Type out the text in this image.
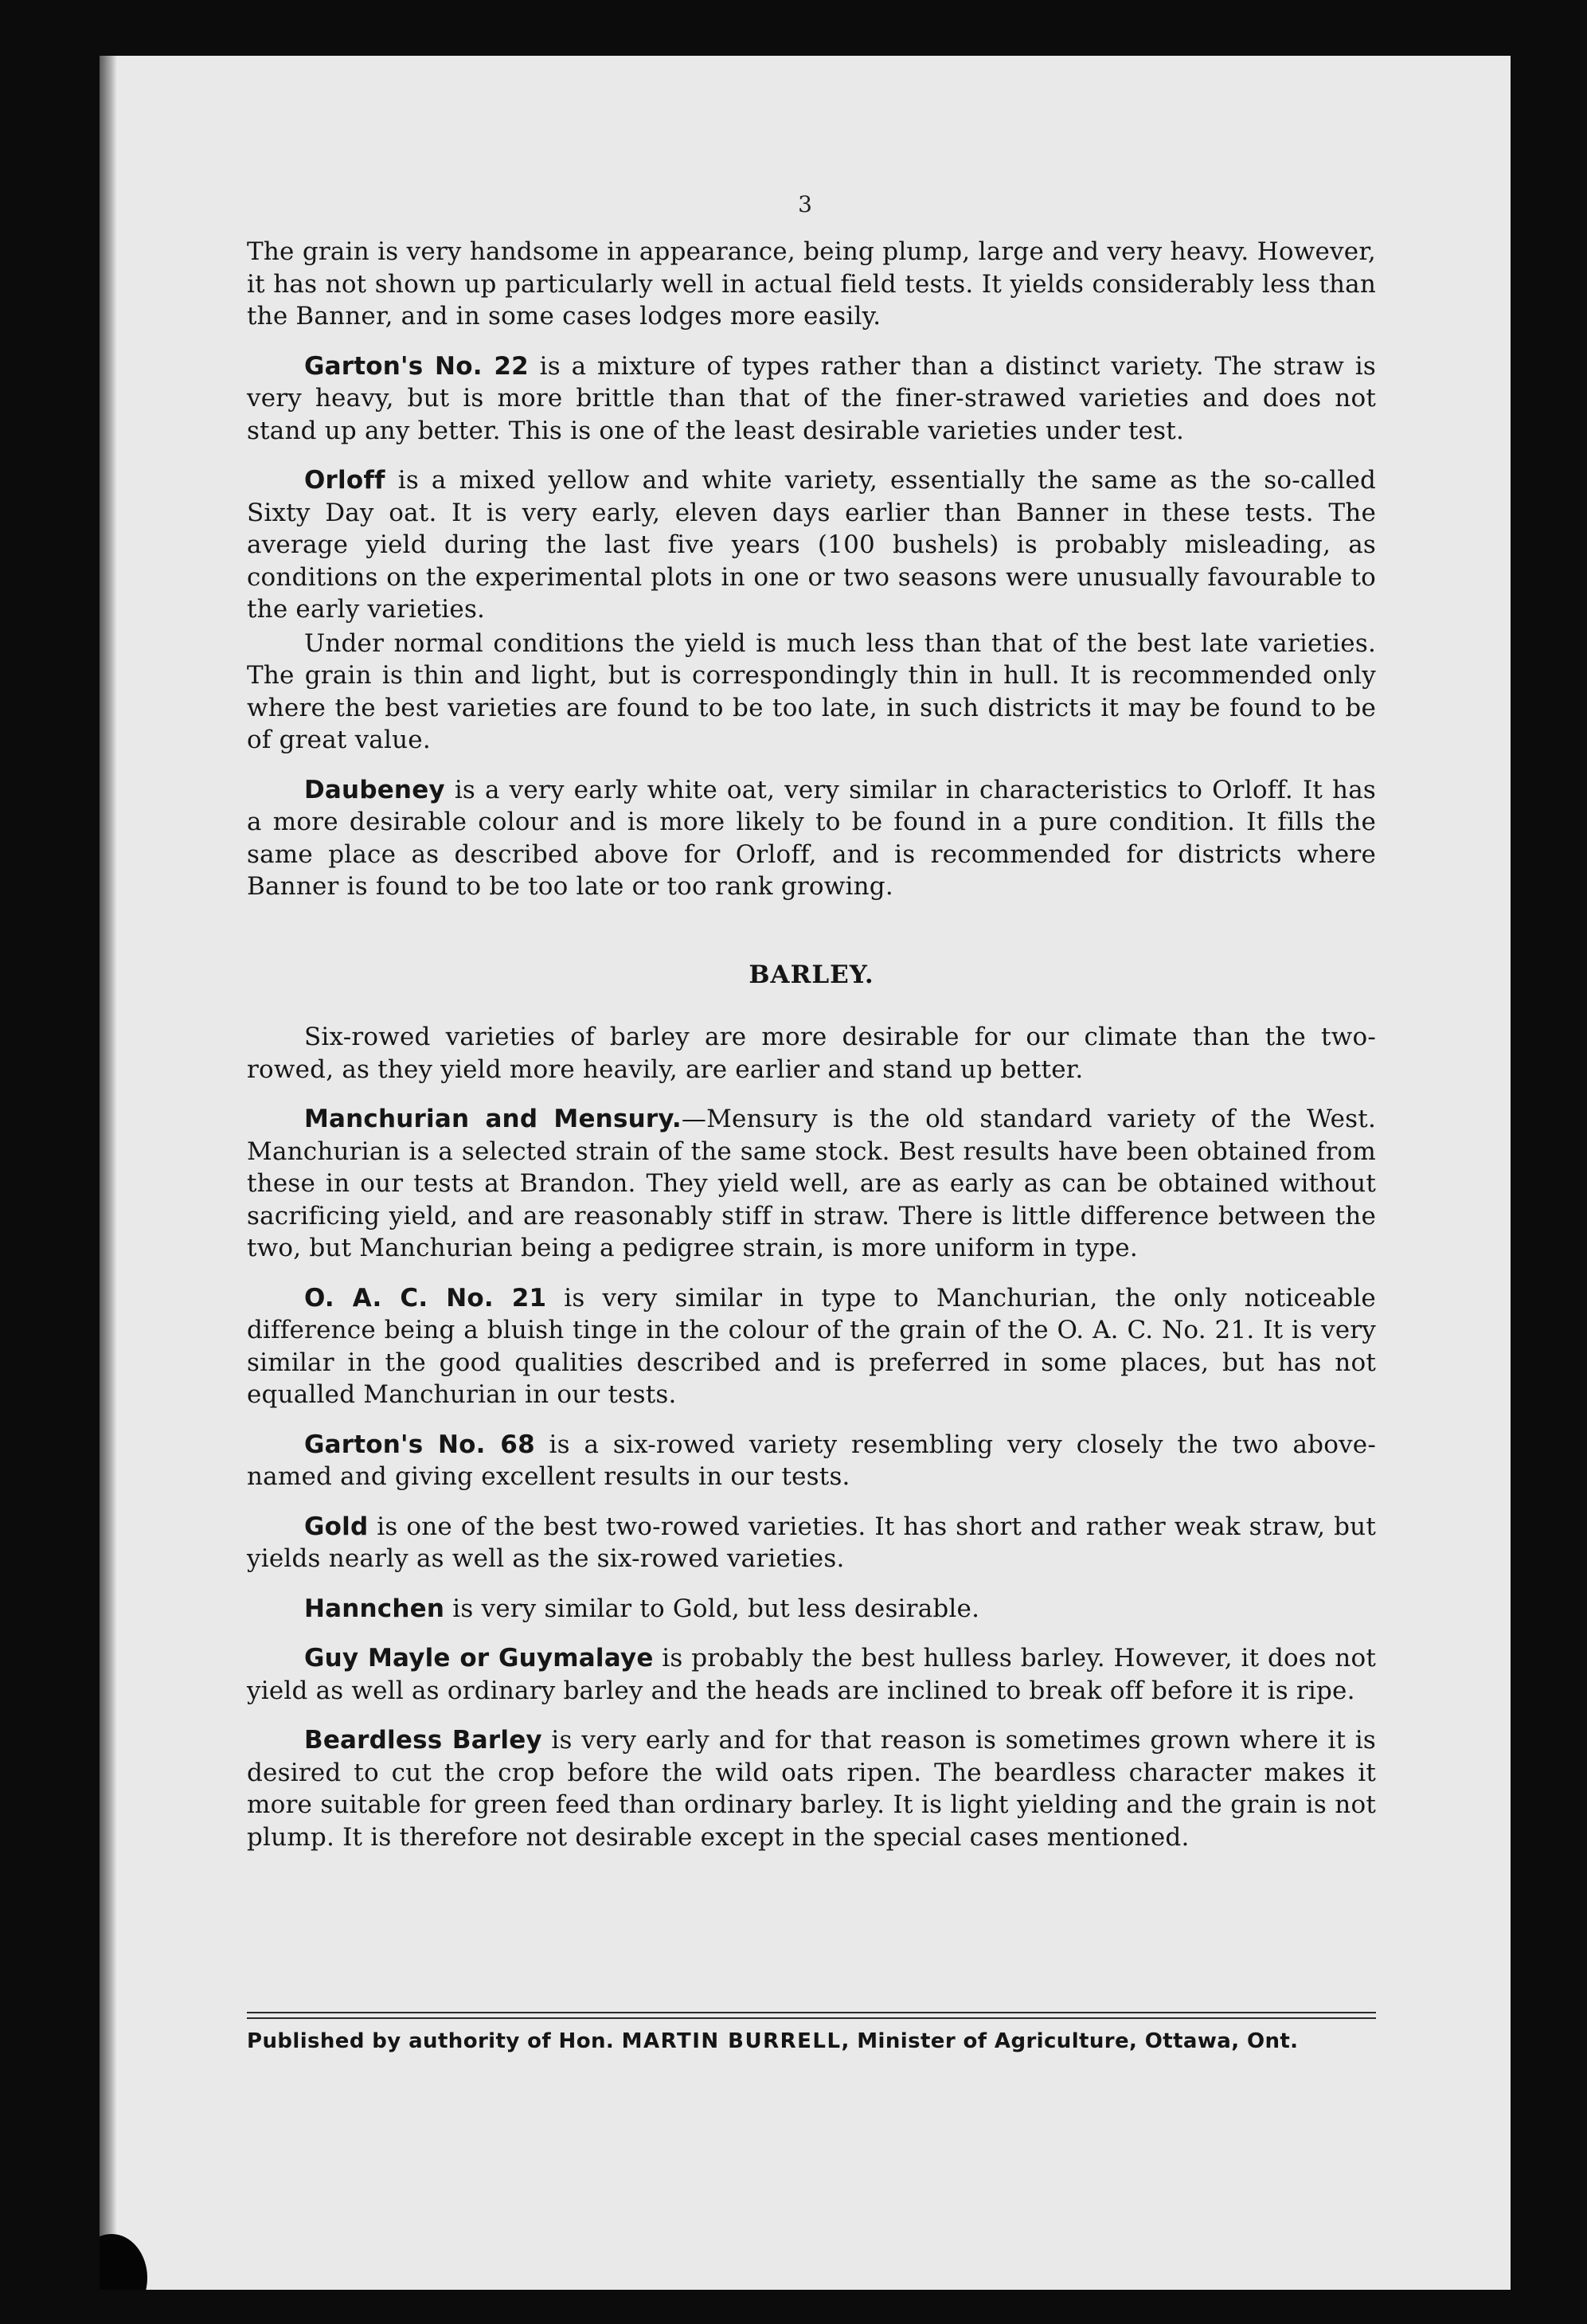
3

The grain is very handsome in appearance, being plump, large and very heavy. However, it has not shown up particularly well in actual field tests. It yields considerably less than the Banner, and in some cases lodges more easily.

Garton's No. 22 is a mixture of types rather than a distinct variety. The straw is very heavy, but is more brittle than that of the finer-strawed varieties and does not stand up any better. This is one of the least desirable varieties under test.

Orloff is a mixed yellow and white variety, essentially the same as the so-called Sixty Day oat. It is very early, eleven days earlier than Banner in these tests. The average yield during the last five years (100 bushels) is probably misleading, as conditions on the experimental plots in one or two seasons were unusually favourable to the early varieties.

Under normal conditions the yield is much less than that of the best late varieties. The grain is thin and light, but is correspondingly thin in hull. It is recommended only where the best varieties are found to be too late, in such districts it may be found to be of great value.

Daubeney is a very early white oat, very similar in characteristics to Orloff. It has a more desirable colour and is more likely to be found in a pure condition. It fills the same place as described above for Orloff, and is recommended for districts where Banner is found to be too late or too rank growing.

BARLEY.

Six-rowed varieties of barley are more desirable for our climate than the two-rowed, as they yield more heavily, are earlier and stand up better.

Manchurian and Mensury.—Mensury is the old standard variety of the West. Manchurian is a selected strain of the same stock. Best results have been obtained from these in our tests at Brandon. They yield well, are as early as can be obtained without sacrificing yield, and are reasonably stiff in straw. There is little difference between the two, but Manchurian being a pedigree strain, is more uniform in type.

O. A. C. No. 21 is very similar in type to Manchurian, the only noticeable difference being a bluish tinge in the colour of the grain of the O. A. C. No. 21. It is very similar in the good qualities described and is preferred in some places, but has not equalled Manchurian in our tests.

Garton's No. 68 is a six-rowed variety resembling very closely the two above-named and giving excellent results in our tests.

Gold is one of the best two-rowed varieties. It has short and rather weak straw, but yields nearly as well as the six-rowed varieties.

Hannchen is very similar to Gold, but less desirable.

Guy Mayle or Guymalaye is probably the best hulless barley. However, it does not yield as well as ordinary barley and the heads are inclined to break off before it is ripe.

Beardless Barley is very early and for that reason is sometimes grown where it is desired to cut the crop before the wild oats ripen. The beardless character makes it more suitable for green feed than ordinary barley. It is light yielding and the grain is not plump. It is therefore not desirable except in the special cases mentioned.

Published by authority of Hon. MARTIN BURRELL, Minister of Agriculture, Ottawa, Ont.
